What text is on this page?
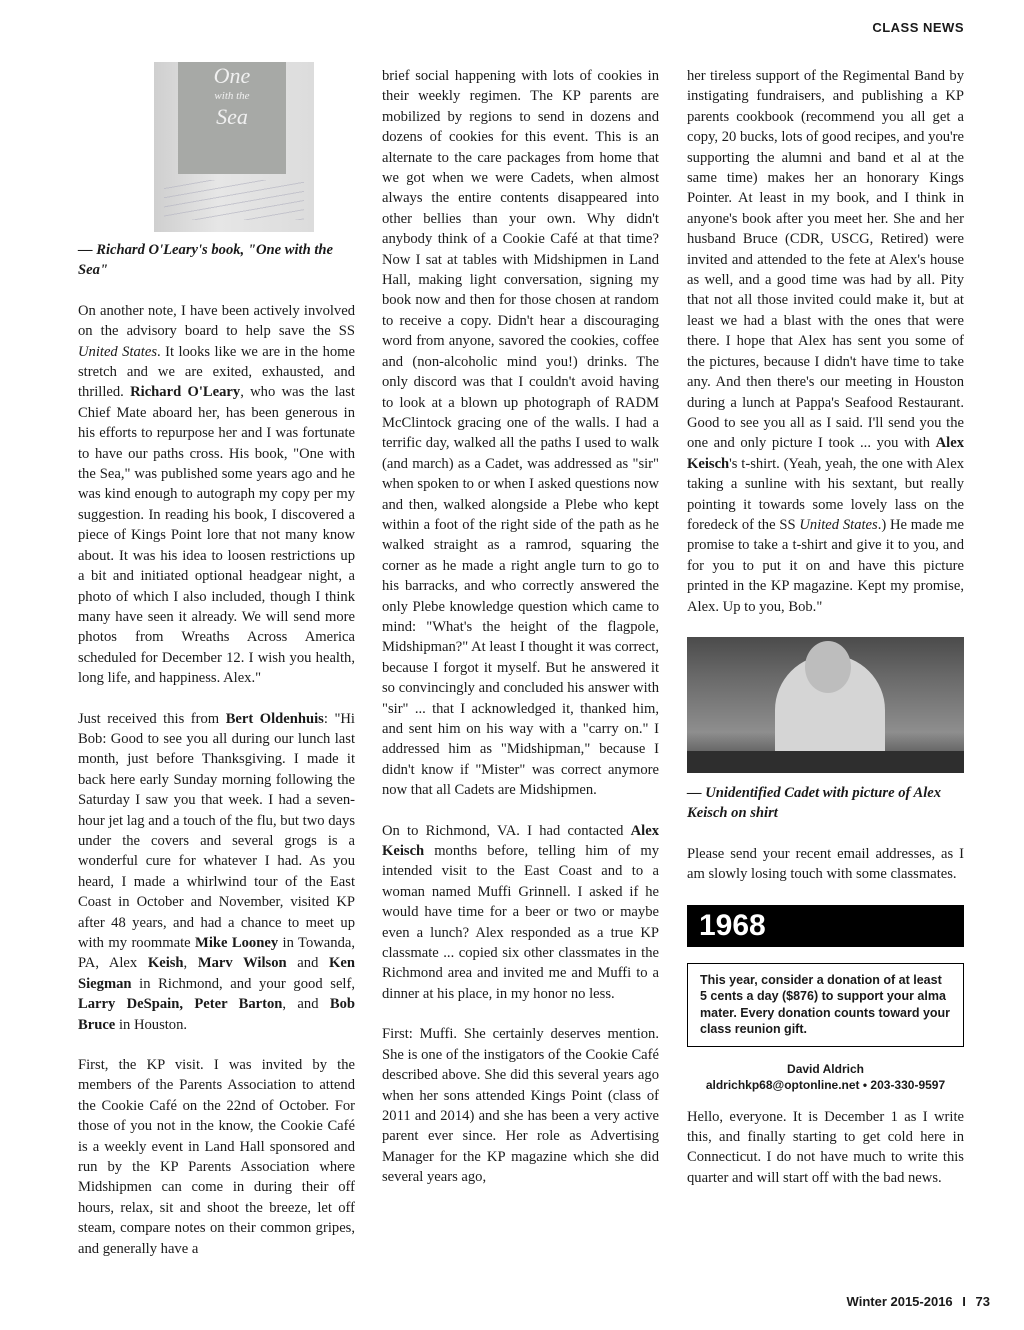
CLASS NEWS
One
with the
Sea

— Richard O'Leary's book, "One with the Sea"

On another note, I have been actively involved on the advisory board to help save the SS United States. It looks like we are in the home stretch and we are exited, exhausted, and thrilled. Richard O'Leary, who was the last Chief Mate aboard her, has been generous in his efforts to repurpose her and I was fortunate to have our paths cross. His book, "One with the Sea," was published some years ago and he was kind enough to autograph my copy per my suggestion. In reading his book, I discovered a piece of Kings Point lore that not many know about. It was his idea to loosen restrictions up a bit and initiated optional headgear night, a photo of which I also included, though I think many have seen it already. We will send more photos from Wreaths Across America scheduled for December 12. I wish you health, long life, and happiness. Alex."

Just received this from Bert Oldenhuis: "Hi Bob: Good to see you all during our lunch last month, just before Thanksgiving. I made it back here early Sunday morning following the Saturday I saw you that week. I had a seven-hour jet lag and a touch of the flu, but two days under the covers and several grogs is a wonderful cure for whatever I had. As you heard, I made a whirlwind tour of the East Coast in October and November, visited KP after 48 years, and had a chance to meet up with my roommate Mike Looney in Towanda, PA, Alex Keish, Marv Wilson and Ken Siegman in Richmond, and your good self, Larry DeSpain, Peter Barton, and Bob Bruce in Houston.

First, the KP visit. I was invited by the members of the Parents Association to attend the Cookie Café on the 22nd of October. For those of you not in the know, the Cookie Café is a weekly event in Land Hall sponsored and run by the KP Parents Association where Midshipmen can come in during their off hours, relax, sit and shoot the breeze, let off steam, compare notes on their common gripes, and generally have a

brief social happening with lots of cookies in their weekly regimen. The KP parents are mobilized by regions to send in dozens and dozens of cookies for this event. This is an alternate to the care packages from home that we got when we were Cadets, when almost always the entire contents disappeared into other bellies than your own. Why didn't anybody think of a Cookie Café at that time? Now I sat at tables with Midshipmen in Land Hall, making light conversation, signing my book now and then for those chosen at random to receive a copy. Didn't hear a discouraging word from anyone, savored the cookies, coffee and (non-alcoholic mind you!) drinks. The only discord was that I couldn't avoid having to look at a blown up photograph of RADM McClintock gracing one of the walls. I had a terrific day, walked all the paths I used to walk (and march) as a Cadet, was addressed as "sir" when spoken to or when I asked questions now and then, walked alongside a Plebe who kept within a foot of the right side of the path as he walked straight as a ramrod, squaring the corner as he made a right angle turn to go to his barracks, and who correctly answered the only Plebe knowledge question which came to mind: "What's the height of the flagpole, Midshipman?" At least I thought it was correct, because I forgot it myself. But he answered it so convincingly and concluded his answer with "sir" ... that I acknowledged it, thanked him, and sent him on his way with a "carry on." I addressed him as "Midshipman," because I didn't know if "Mister" was correct anymore now that all Cadets are Midshipmen.

On to Richmond, VA. I had contacted Alex Keisch months before, telling him of my intended visit to the East Coast and to a woman named Muffi Grinnell. I asked if he would have time for a beer or two or maybe even a lunch? Alex responded as a true KP classmate ... copied six other classmates in the Richmond area and invited me and Muffi to a dinner at his place, in my honor no less.

First: Muffi. She certainly deserves mention. She is one of the instigators of the Cookie Café described above. She did this several years ago when her sons attended Kings Point (class of 2011 and 2014) and she has been a very active parent ever since. Her role as Advertising Manager for the KP magazine which she did several years ago,

her tireless support of the Regimental Band by instigating fundraisers, and publishing a KP parents cookbook (recommend you all get a copy, 20 bucks, lots of good recipes, and you're supporting the alumni and band et al at the same time) makes her an honorary Kings Pointer. At least in my book, and I think in anyone's book after you meet her. She and her husband Bruce (CDR, USCG, Retired) were invited and attended to the fete at Alex's house as well, and a good time was had by all. Pity that not all those invited could make it, but at least we had a blast with the ones that were there. I hope that Alex has sent you some of the pictures, because I didn't have time to take any. And then there's our meeting in Houston during a lunch at Pappa's Seafood Restaurant. Good to see you all as I said. I'll send you the one and only picture I took ... you with Alex Keisch's t-shirt. (Yeah, yeah, the one with Alex taking a sunline with his sextant, but really pointing it towards some lovely lass on the foredeck of the SS United States.) He made me promise to take a t-shirt and give it to you, and for you to put it on and have this picture printed in the KP magazine. Kept my promise, Alex. Up to you, Bob."

— Unidentified Cadet with picture of Alex Keisch on shirt

Please send your recent email addresses, as I am slowly losing touch with some classmates.

1968
This year, consider a donation of at least 5 cents a day ($876) to support your alma mater. Every donation counts toward your class reunion gift.
David Aldrich
aldrichkp68@optonline.net • 203-330-9597

Hello, everyone. It is December 1 as I write this, and finally starting to get cold here in Connecticut. I do not have much to write this quarter and will start off with the bad news.

Winter 2015-2016 I 73
